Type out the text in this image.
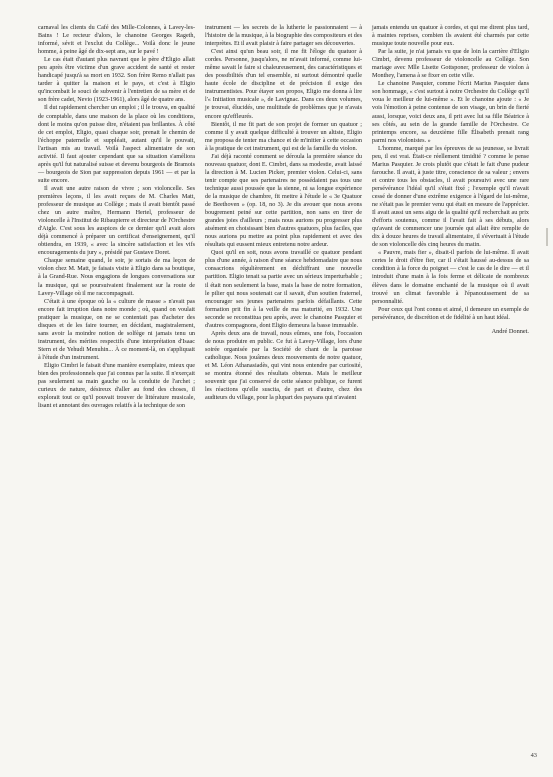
carnaval les clients du Café des Mille-Colonnes, à Lavey-les-Bains ! Le recteur d'alors, le chanoine Georges Rageth, informé, sévit et l'exclut du Collège... Voilà donc le jeune homme, à peine âgé de dix-sept ans, sur le pavé !

Le cas était d'autant plus navrant que le père d'Eligio allait peu après être victime d'un grave accident de santé et rester handicapé jusqu'à sa mort en 1932. Son frère Remo n'allait pas tarder à quitter la maison et le pays, et c'est à Eligio qu'incombait le souci de subvenir à l'entretien de sa mère et de son frère cadet, Nevio (1923-1961), alors âgé de quatre ans.

Il dut rapidement chercher un emploi ; il le trouva, en qualité de comptable, dans une maison de la place où les conditions, dont le moins qu'on puisse dire, n'étaient pas brillantes. À côté de cet emploi, Eligio, quasi chaque soir, prenait le chemin de l'échoppe paternelle et suppléait, autant qu'il le pouvait, l'artisan mis au travail. Voilà l'aspect alimentaire de son activité. Il faut ajouter cependant que sa situation s'améliora après qu'il fut naturalisé suisse et devenu bourgeois de Bramois — bourgeois de Sion par suppression depuis 1961 — et par la suite encore.

Il avait une autre raison de vivre ; son violoncelle. Ses premières leçons, il les avait reçues de M. Charles Matt, professeur de musique au Collège ; mais il avait bientôt passé chez un autre maître, Hermann Hertel, professeur de violoncelle à l'Institut de Ribaupierre et directeur de l'Orchestre d'Aigle. C'est sous les auspices de ce dernier qu'il avait alors déjà commencé à préparer un certificat d'enseignement, qu'il obtiendra, en 1939, « avec la sincère satisfaction et les vifs encouragements du jury », présidé par Gustave Doret.

Chaque semaine quand, le soir, je sortais de ma leçon de violon chez M. Matt, je faisais visite à Eligio dans sa boutique, à la Grand-Rue. Nous engagions de longues conversations sur la musique, qui se poursuivaient finalement sur la route de Lavey-Village où il me raccompagnait.

C'était à une époque où la « culture de masse » n'avait pas encore fait irruption dans notre monde ; où, quand on voulait pratiquer la musique, on ne se contentait pas d'acheter des disques et de les faire tourner, en décidant, magistralement, sans avoir la moindre notion de solfège ni jamais tenu un instrument, des mérites respectifs d'une interprétation d'Isaac Stern et de Yehudi Menuhin... À ce moment-là, on s'appliquait à l'étude d'un instrument.

Eligio Cimbri le faisait d'une manière exemplaire, mieux que bien des professionnels que j'ai connus par la suite. Il n'exerçait pas seulement sa main gauche ou la conduite de l'archet ; curieux de nature, désireux d'aller au fond des choses, il explorait tout ce qu'il pouvait trouver de littérature musicale, lisant et annotant des ouvrages relatifs à la technique de son

instrument — les secrets de la lutherie le passionnaient — à l'histoire de la musique, à la biographie des compositeurs et des interprètes. Et il avait plaisir à faire partager ses découvertes.

C'est ainsi qu'un beau soir, il me fit l'éloge du quatuor à cordes. Personne, jusqu'alors, ne m'avait informé, comme lui-même savait le faire si chaleureusement, des caractéristiques et des possibilités d'un tel ensemble, ni surtout démontré quelle haute école de discipline et de précision il exige des instrumentistes. Pour étayer son propos, Eligio me donna à lire l'« Initiation musicale », de Lavignac. Dans ces deux volumes, je trouvai, élucidés, une multitude de problèmes que je n'avais encore qu'effleurés.

Bientôt, il me fit part de son projet de former un quatuor ; comme il y avait quelque difficulté à trouver un altiste, Eligio me proposa de tenter ma chance et de m'initier à cette occasion à la pratique de cet instrument, qui est de la famille du violon.

J'ai déjà raconté comment se déroula la première séance du nouveau quatuor, dont E. Cimbri, dans sa modestie, avait laissé la direction à M. Lucien Picker, premier violon. Celui-ci, sans tenir compte que ses partenaires ne possédaient pas tous une technique aussi poussée que la sienne, ni sa longue expérience de la musique de chambre, fit mettre à l'étude le « 3e Quatuor de Beethoven » (op. 18, no 3). Je dis avouer que nous avons bougrement peiné sur cette partition, non sans en tirer de grandes joies d'ailleurs ; mais nous aurions pu progresser plus aisément en choisissant bien d'autres quatuors, plus faciles, que nous aurions pu mettre au point plus rapidement et avec des résultats qui eussent mieux entretenu notre ardeur.

Quoi qu'il en soit, nous avons travaillé ce quatuor pendant plus d'une année, à raison d'une séance hebdomadaire que nous consacrions régulièrement en déchiffrant une nouvelle partition. Eligio tenait sa partie avec un sérieux imperturbable ; il était non seulement la base, mais la base de notre formation, le pilier qui nous soutenait car il savait, d'un soutien fraternel, encourager ses jeunes partenaires parfois défaillants. Cette formation prit fin à la veille de ma maturité, en 1932. Une seconde se reconstitua peu après, avec le chanoine Pasquier et d'autres compagnons, dont Eligio demeura la basse immuable.

Après deux ans de travail, nous eûmes, une fois, l'occasion de nous produire en public. Ce fut à Lavey-Village, lors d'une soirée organisée par la Société de chant de la paroisse catholique. Nous jouâmes deux mouvements de notre quatuor, et M. Léon Athanasiadès, qui vint nous entendre par curiosité, se montra étonné des résultats obtenus. Mais le meilleur souvenir que j'ai conservé de cette séance publique, ce furent les réactions qu'elle suscita, de part et d'autre, chez des auditeurs du village, pour la plupart des paysans qui n'avaient

jamais entendu un quatuor à cordes, et qui me dirent plus tard, à maintes reprises, combien ils avaient été charmés par cette musique toute nouvelle pour eux.

Par la suite, je n'ai jamais vu que de loin la carrière d'Eligio Cimbri, devenu professeur de violoncelle au Collège. Son mariage avec Mlle Lisette Gottsponer, professeur de violon à Monthey, l'amena à se fixer en cette ville.

Le chanoine Pasquier, comme l'écrit Marius Pasquier dans son hommage, « c'est surtout à notre Orchestre du Collège qu'il voua le meilleur de lui-même ». Et le chanoine ajoute : « Je vois l'émotion à peine contenue de son visage, un brin de fierté aussi, lorsque, voici deux ans, il prit avec lui sa fille Béatrice à ses côtés, au sein de la grande famille de l'Orchestre. Ce printemps encore, sa deuxième fille Élisabeth prenait rang parmi nos violonistes. »

L'homme, marqué par les épreuves de sa jeunesse, se livrait peu, il est vrai. Était-ce réellement timidité ? comme le pense Marius Pasquier. Je crois plutôt que c'était le fait d'une pudeur farouche. Il avait, à juste titre, conscience de sa valeur ; envers et contre tous les obstacles, il avait poursuivi avec une rare persévérance l'idéal qu'il s'était fixé ; l'exemple qu'il n'avait cessé de donner d'une extrême exigence à l'égard de lui-même, ne s'était pas le premier venu qui était en mesure de l'apprécier. Il avait aussi un sens aigu de la qualité qu'il recherchait au prix d'efforts soutenus, comme il l'avait fait à ses débuts, alors qu'avant de commencer une journée qui allait être remplie de dix à douze heures de travail alimentaire, il s'évertuait à l'étude de son violoncelle dès cinq heures du matin.

« Pauvre, mais fier », disait-il parfois de lui-même. Il avait certes le droit d'être fier, car il s'était haussé au-dessus de sa condition à la force du poignet — c'est le cas de le dire — et il introduit d'une main à la fois ferme et délicate de nombreux élèves dans le domaine enchanté de la musique où il avait trouvé un climat favorable à l'épanouissement de sa personnalité.

Pour ceux qui l'ont connu et aimé, il demeure un exemple de persévérance, de discrétion et de fidélité à un haut idéal.

André Donnet.
43
